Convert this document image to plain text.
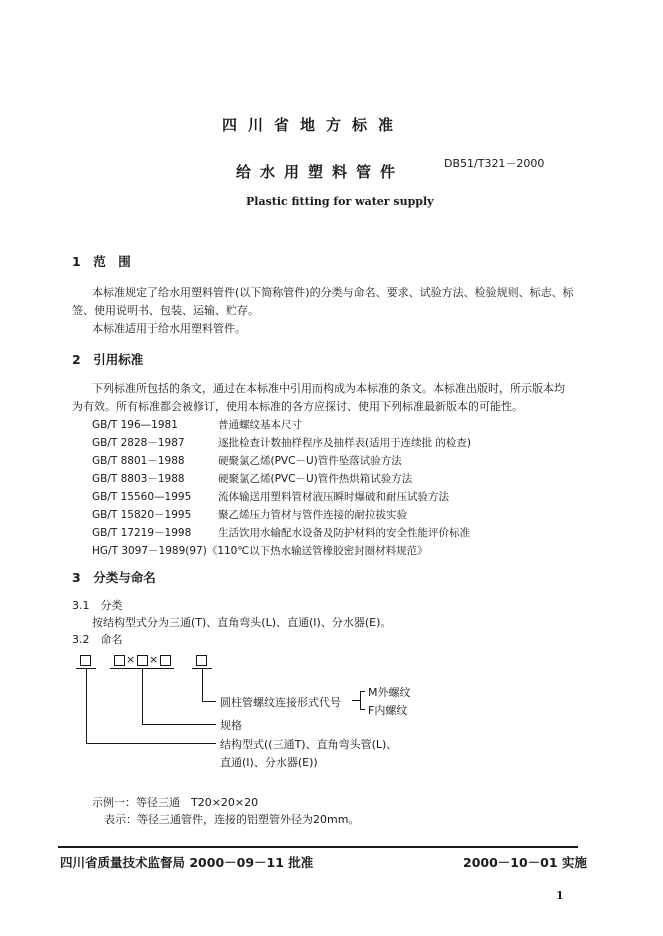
四川省地方标准
给水用塑料管件	DB51/T321－2000
Plastic fitting for water supply
1　范　围
本标准规定了给水用塑料管件(以下简称管件)的分类与命名、要求、试验方法、检验规则、标志、标
签、使用说明书、包装、运输、贮存。
本标准适用于给水用塑料管件。
2　引用标准
下列标准所包括的条文，通过在本标准中引用而构成为本标准的条文。本标准出版时，所示版本均
为有效。所有标准都会被修订，使用本标准的各方应探讨、使用下列标准最新版本的可能性。
GB/T 196—1981	普通螺纹基本尺寸
GB/T 2828－1987	逐批检查计数抽样程序及抽样表(适用于连续批 的检查)
GB/T 8801－1988	硬聚氯乙烯(PVC－U)管件坠落试验方法
GB/T 8803－1988	硬聚氯乙烯(PVC－U)管件热烘箱试验方法
GB/T 15560—1995	流体输送用塑料管材液压瞬时爆破和耐压试验方法
GB/T 15820－1995	聚乙烯压力管材与管件连接的耐拉拔实验
GB/T 17219－1998	生活饮用水输配水设备及防护材料的安全性能评价标准
HG/T 3097－1989(97)《110℃以下热水输送管橡胶密封圈材料规范》
3　分类与命名
3.1　分类
按结构型式分为三通(T)、直角弯头(L)、直通(I)、分水器(E)。
3.2　命名
× ×
圆柱管螺纹连接形式代号
M外螺纹
F内螺纹
规格
结构型式((三通T)、直角弯头管(L)、
直通(I)、分水器(E))
示例一：等径三通　T20×20×20
表示：等径三通管件，连接的铝塑管外径为20mm。
四川省质量技术监督局 2000－09－11 批准	2000－10－01 实施
1
